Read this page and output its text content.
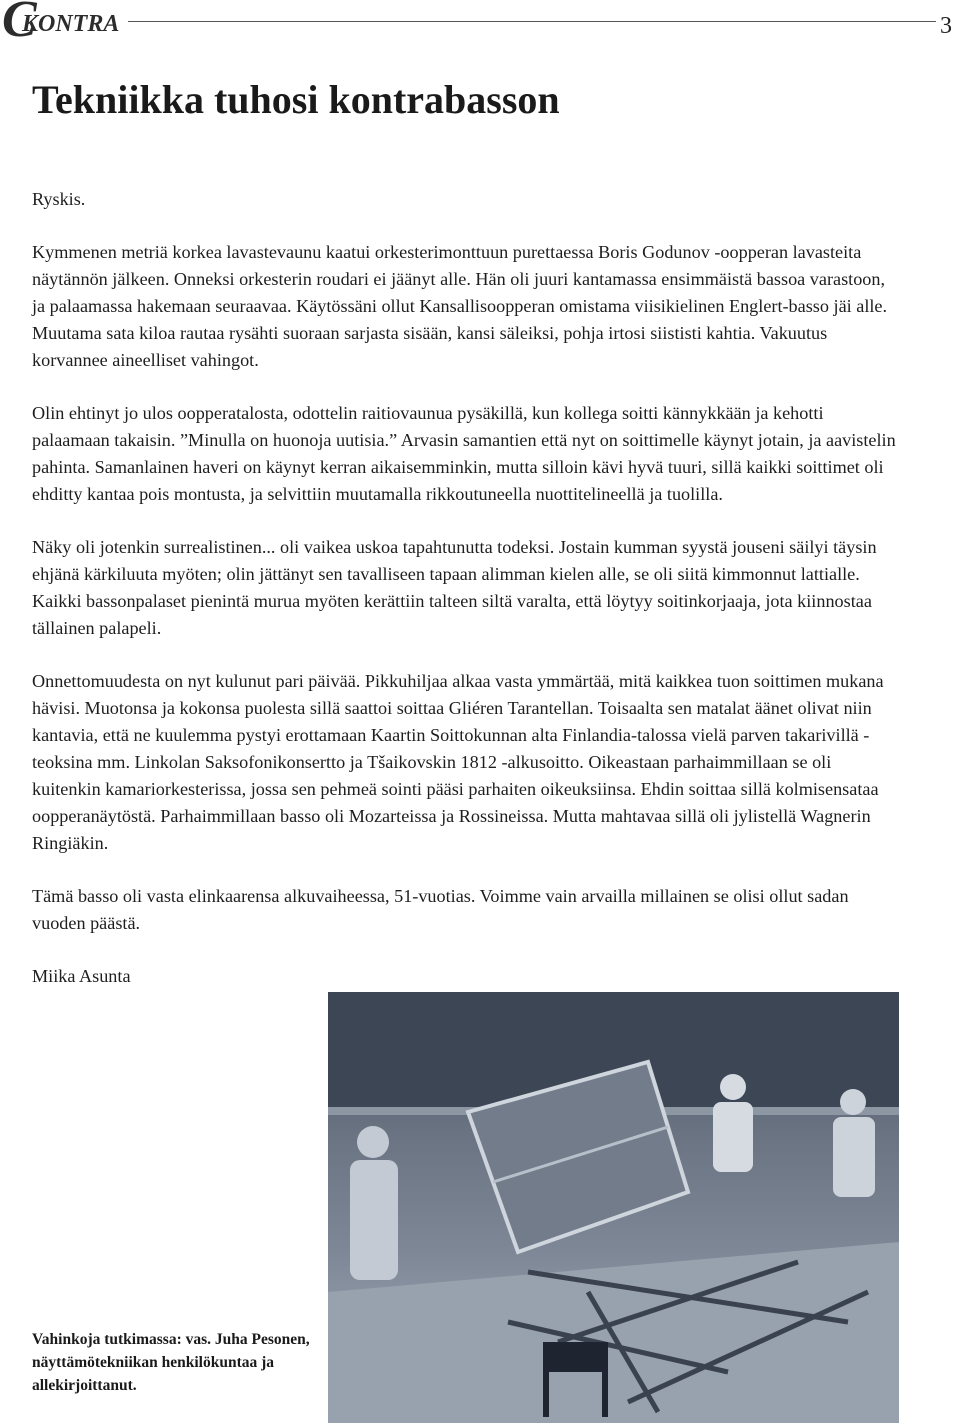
C
KONTRA	3
Tekniikka tuhosi kontrabasson

Ryskis.

Kymmenen metriä korkea lavastevaunu kaatui orkesterimonttuun purettaessa Boris Godunov -oopperan lavasteita näytännön jälkeen. Onneksi orkesterin roudari ei jäänyt alle. Hän oli juuri kantamassa ensimmäistä bassoa varastoon, ja palaamassa hakemaan seuraavaa. Käytössäni ollut Kansallisoopperan omistama viisikielinen Englert-basso jäi alle. Muutama sata kiloa rautaa rysähti suoraan sarjasta sisään, kansi säleiksi, pohja irtosi siististi kahtia. Vakuutus korvannee aineelliset vahingot.

Olin ehtinyt jo ulos oopperatalosta, odottelin raitiovaunua pysäkillä, kun kollega soitti kännykkään ja kehotti palaamaan takaisin. ”Minulla on huonoja uutisia.” Arvasin samantien että nyt on soittimelle käynyt jotain, ja aavistelin pahinta. Samanlainen haveri on käynyt kerran aikaisemminkin, mutta silloin kävi hyvä tuuri, sillä kaikki soittimet oli ehditty kantaa pois montusta, ja selvittiin muutamalla rikkoutuneella nuottitelineellä ja tuolilla.

Näky oli jotenkin surrealistinen... oli vaikea uskoa tapahtunutta todeksi. Jostain kumman syystä jouseni säilyi täysin ehjänä kärkiluuta myöten; olin jättänyt sen tavalliseen tapaan alimman kielen alle, se oli siitä kimmonnut lattialle. Kaikki bassonpalaset pienintä murua myöten kerättiin talteen siltä varalta, että löytyy soitinkorjaaja, jota kiinnostaa tällainen palapeli.

Onnettomuudesta on nyt kulunut pari päivää. Pikkuhiljaa alkaa vasta ymmärtää, mitä kaikkea tuon soittimen mukana hävisi. Muotonsa ja kokonsa puolesta sillä saattoi soittaa Gliéren Tarantellan. Toisaalta sen matalat äänet olivat niin kantavia, että ne kuulemma pystyi erottamaan Kaartin Soittokunnan alta Finlandia-talossa vielä parven takarivillä - teoksina mm. Linkolan Saksofonikonsertto ja Tšaikovskin 1812 -alkusoitto. Oikeastaan parhaimmillaan se oli kuitenkin kamariorkesterissa, jossa sen pehmeä sointi pääsi parhaiten oikeuksiinsa. Ehdin soittaa sillä kolmisensataa oopperanäytöstä. Parhaimmillaan basso oli Mozarteissa ja Rossineissa. Mutta mahtavaa sillä oli jylistellä Wagnerin Ringiäkin.

Tämä basso oli vasta elinkaarensa alkuvaiheessa, 51-vuotias. Voimme vain arvailla millainen se olisi ollut sadan vuoden päästä.

Miika Asunta

Vahinkoja tutkimassa: vas. Juha Pesonen, näyttämötekniikan henkilökuntaa ja allekirjoittanut.
